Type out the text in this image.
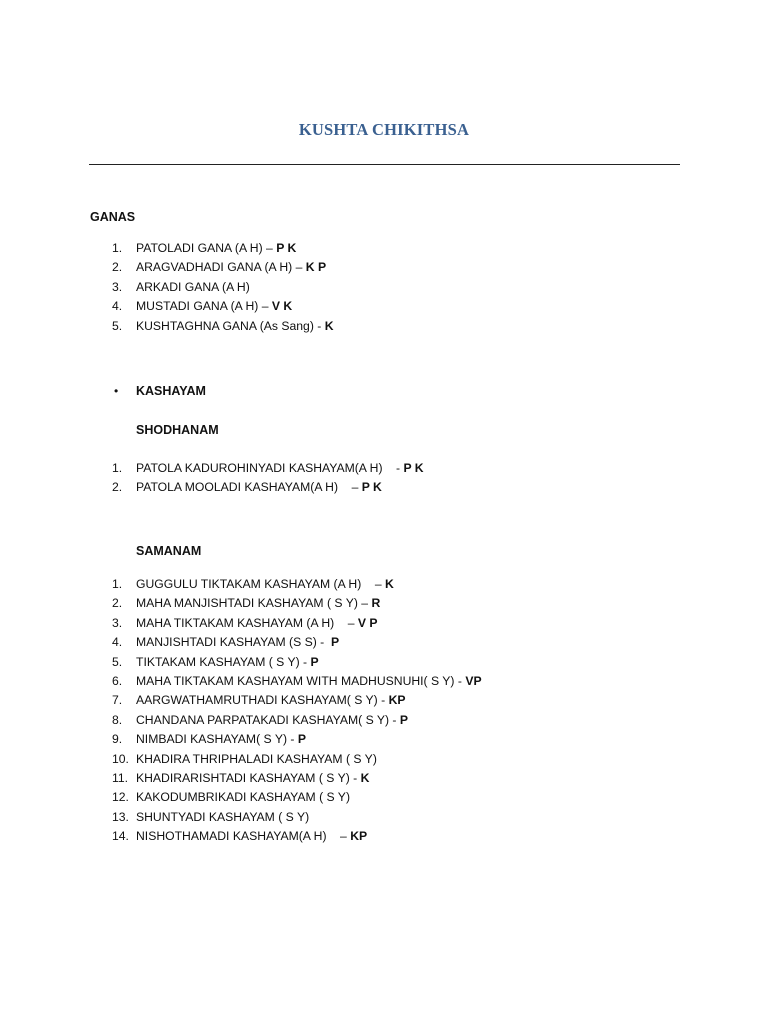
KUSHTA CHIKITHSA
GANAS
1.	PATOLADI GANA (A H) – P K
2.	ARAGVADHADI GANA (A H) – K P
3.	ARKADI GANA (A H)
4.	MUSTADI GANA (A H) – V K
5.	KUSHTAGHNA GANA (As Sang) - K
• KASHAYAM
SHODHANAM
1.	PATOLA KADUROHINYADI KASHAYAM(A H)    - P K
2.	PATOLA MOOLADI KASHAYAM(A H)    – P K
SAMANAM
1.	GUGGULU TIKTAKAM KASHAYAM (A H)    – K
2.	MAHA MANJISHTADI KASHAYAM ( S Y) – R
3.	MAHA TIKTAKAM KASHAYAM (A H)    – V P
4.	MANJISHTADI KASHAYAM (S S) -  P
5.	TIKTAKAM KASHAYAM ( S Y) - P
6.	MAHA TIKTAKAM KASHAYAM WITH MADHUSNUHI( S Y) - VP
7.	AARGWATHAMRUTHADI KASHAYAM( S Y) - KP
8.	CHANDANA PARPATAKADI KASHAYAM( S Y) - P
9.	NIMBADI KASHAYAM( S Y) - P
10. KHADIRA THRIPHALADI KASHAYAM ( S Y)
11. KHADIRARISHTADI KASHAYAM ( S Y) - K
12. KAKODUMBRIKADI KASHAYAM ( S Y)
13. SHUNTYADI KASHAYAM ( S Y)
14. NISHOTHAMADI KASHAYAM(A H)    – KP
